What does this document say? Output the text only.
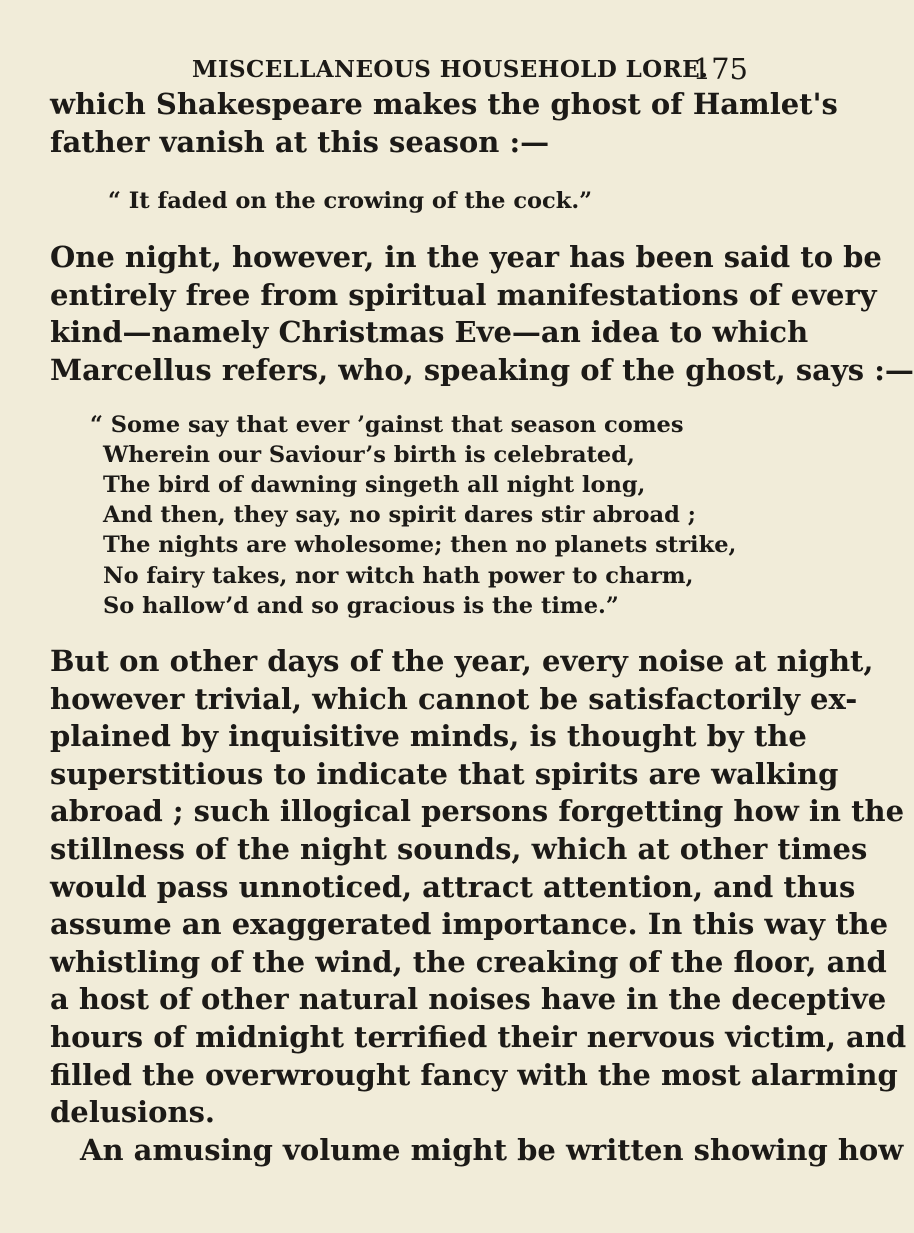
MISCELLANEOUS HOUSEHOLD LORE.
175

which Shakespeare makes the ghost of Hamlet's
father vanish at this season :—

“ It faded on the crowing of the cock.”

One night, however, in the year has been said to be
entirely free from spiritual manifestations of every
kind—namely Christmas Eve—an idea to which
Marcellus refers, who, speaking of the ghost, says :—

“ Some say that ever ’gainst that season comes
Wherein our Saviour’s birth is celebrated,
The bird of dawning singeth all night long,
And then, they say, no spirit dares stir abroad ;
The nights are wholesome; then no planets strike,
No fairy takes, nor witch hath power to charm,
So hallow’d and so gracious is the time.”

But on other days of the year, every noise at night,
however trivial, which cannot be satisfactorily ex-
plained by inquisitive minds, is thought by the
superstitious to indicate that spirits are walking
abroad ; such illogical persons forgetting how in the
stillness of the night sounds, which at other times
would pass unnoticed, attract attention, and thus
assume an exaggerated importance. In this way the
whistling of the wind, the creaking of the floor, and
a host of other natural noises have in the deceptive
hours of midnight terrified their nervous victim, and
filled the overwrought fancy with the most alarming
delusions.

An amusing volume might be written showing how
